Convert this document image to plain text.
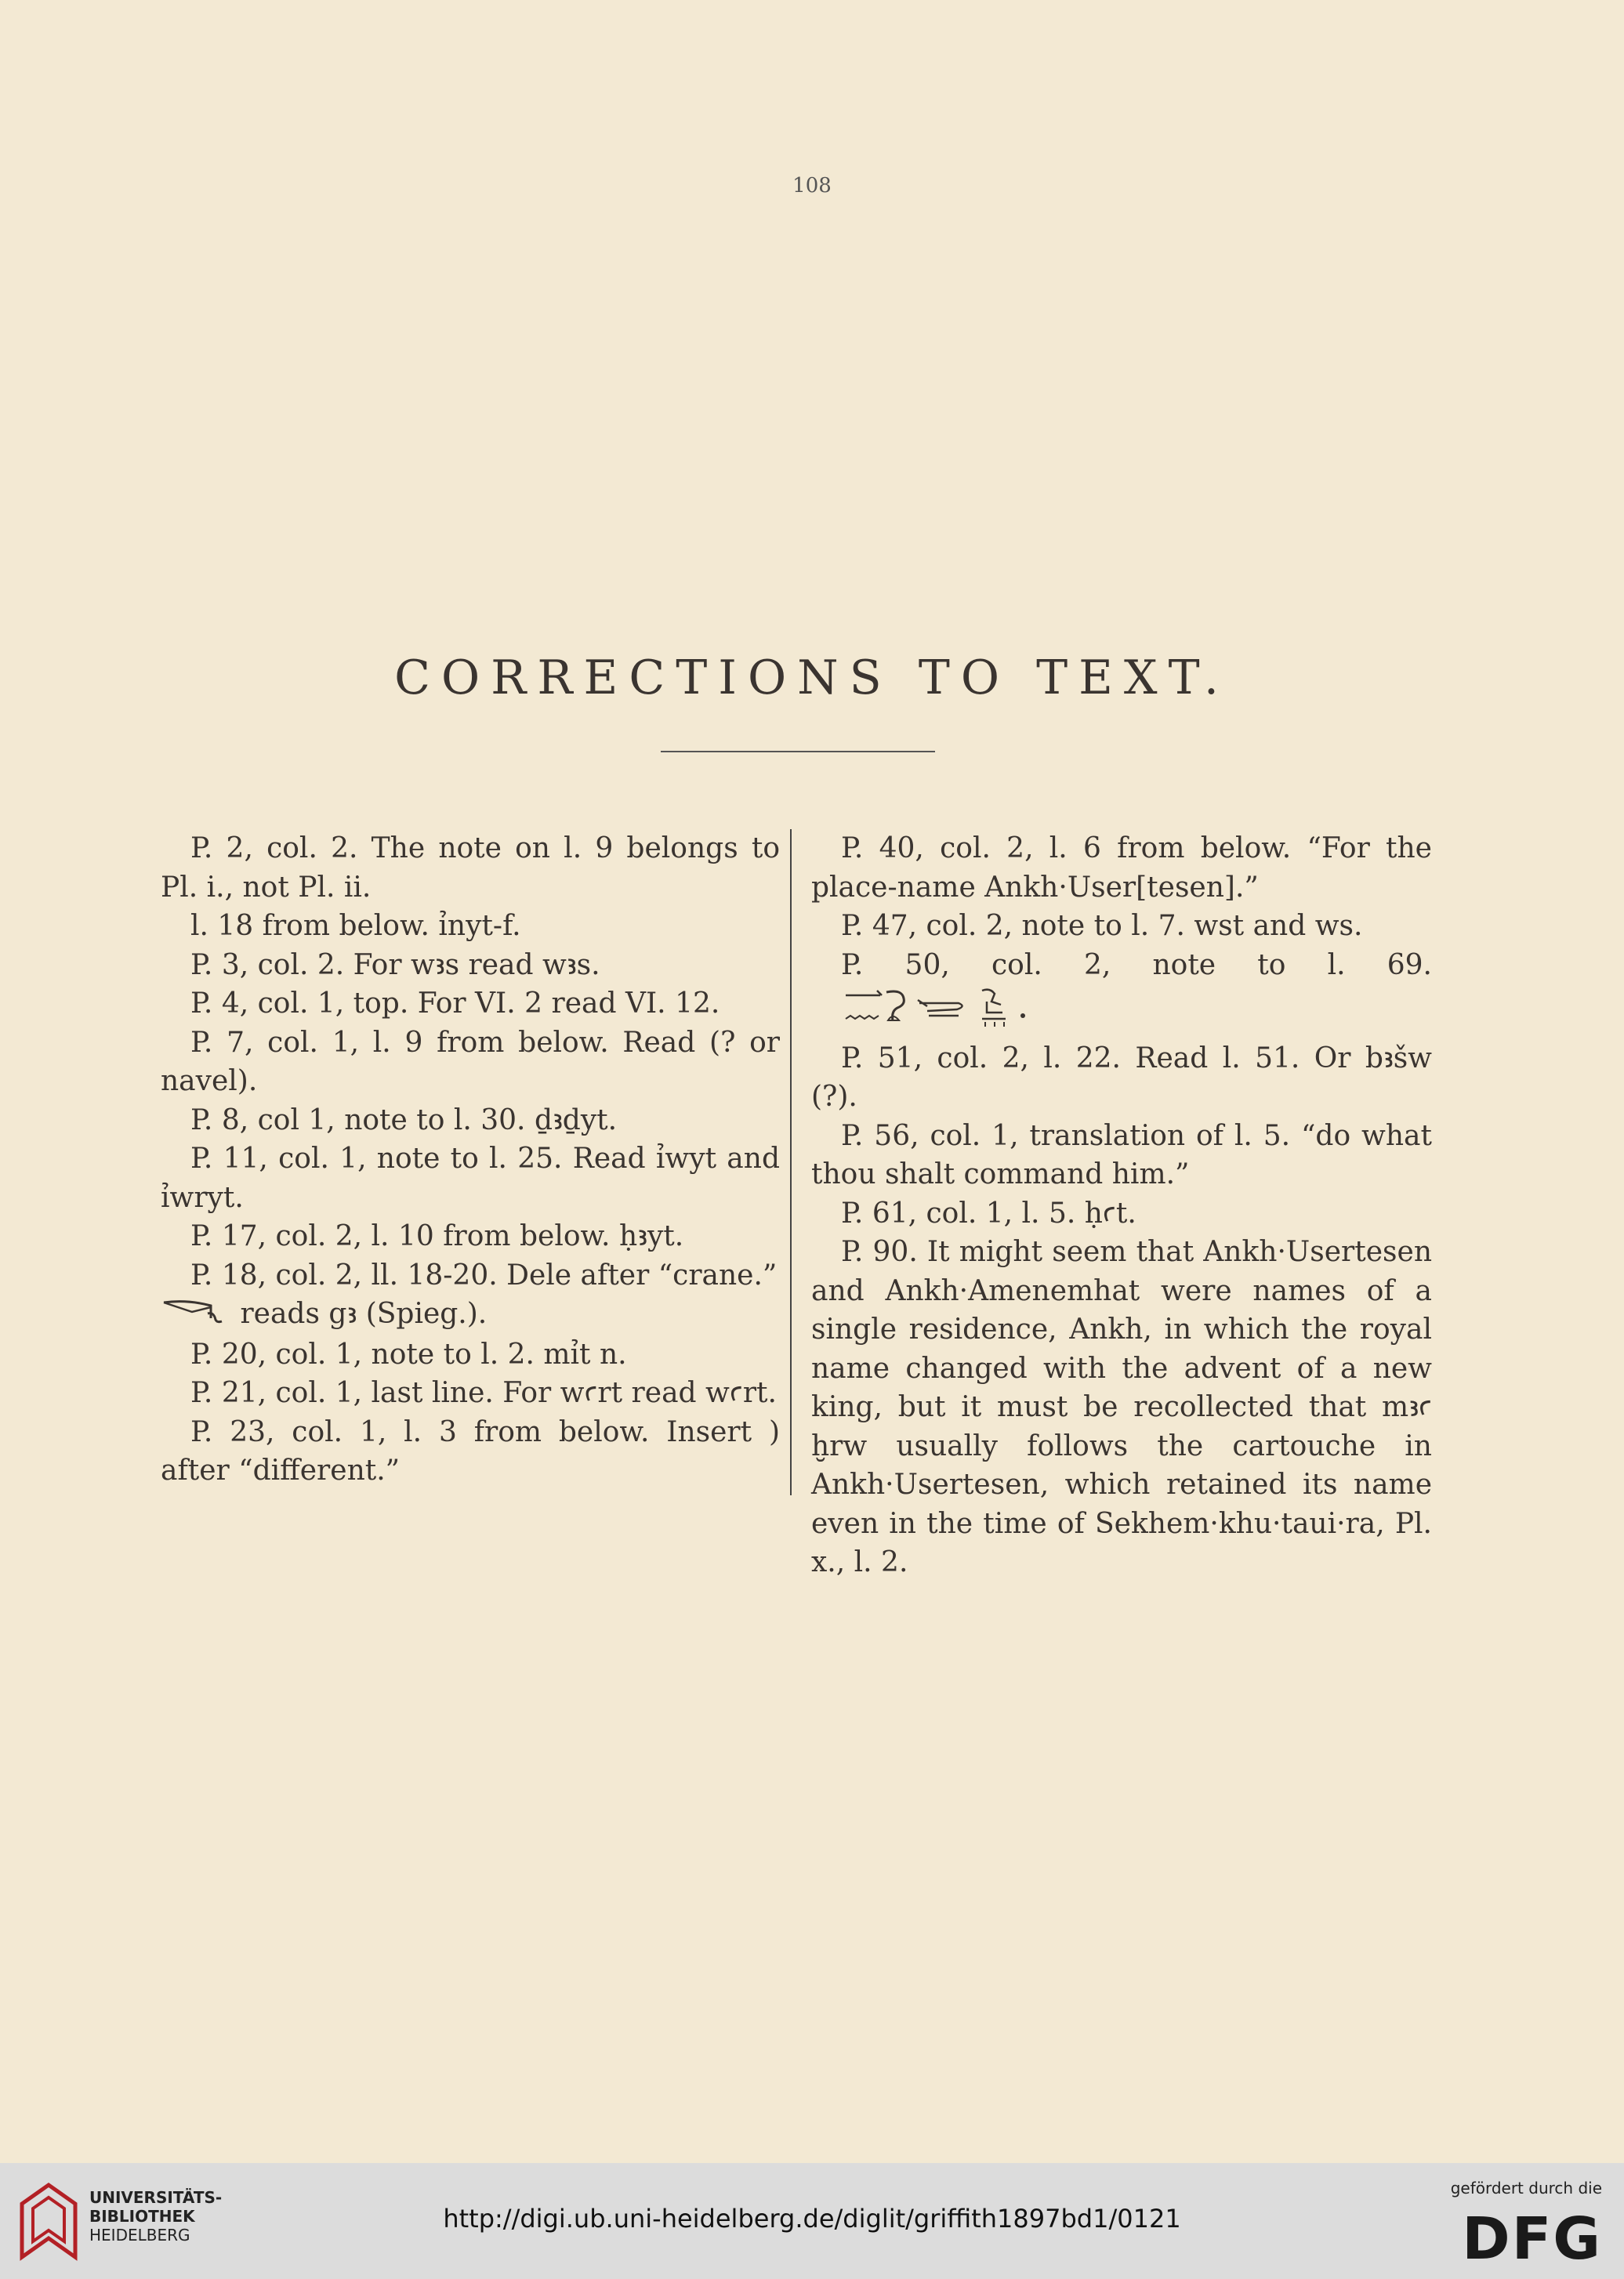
108
CORRECTIONS TO TEXT.

P. 2, col. 2. The note on l. 9 belongs to Pl. i., not Pl. ii.

l. 18 from below. ỉnyt-f.

P. 3, col. 2. For wꜣs read wꜣs.

P. 4, col. 1, top. For VI. 2 read VI. 12.

P. 7, col. 1, l. 9 from below. Read (? or navel).

P. 8, col 1, note to l. 30. ḏꜣḏyt.

P. 11, col. 1, note to l. 25. Read ỉwyt and ỉwryt.

P. 17, col. 2, l. 10 from below. ḥꜣyt.

P. 18, col. 2, ll. 18-20. Dele after “crane.”

reads gꜣ (Spieg.).

P. 20, col. 1, note to l. 2. mỉt n.

P. 21, col. 1, last line. For wꜥrt read wꜥrt.

P. 23, col. 1, l. 3 from below. Insert ) after “different.”

P. 40, col. 2, l. 6 from below. “For the place-name Ankh·User[tesen].”

P. 47, col. 2, note to l. 7. wst and ws.

P. 50, col. 2, note to l. 69.

P. 51, col. 2, l. 22. Read l. 51. Or bꜣšw (?).

P. 56, col. 1, translation of l. 5. “do what thou shalt command him.”

P. 61, col. 1, l. 5. ḥꜥt.

P. 90. It might seem that Ankh·Usertesen and Ankh·Amenemhat were names of a single residence, Ankh, in which the royal name changed with the advent of a new king, but it must be recollected that mꜣꜥ ḫrw usually follows the cartouche in Ankh·Usertesen, which retained its name even in the time of Sekhem·khu·taui·ra, Pl. x., l. 2.

UNIVERSITÄTS-
BIBLIOTHEK
HEIDELBERG
http://digi.ub.uni-heidelberg.de/diglit/griffith1897bd1/0121
gefördert durch die
DFG
